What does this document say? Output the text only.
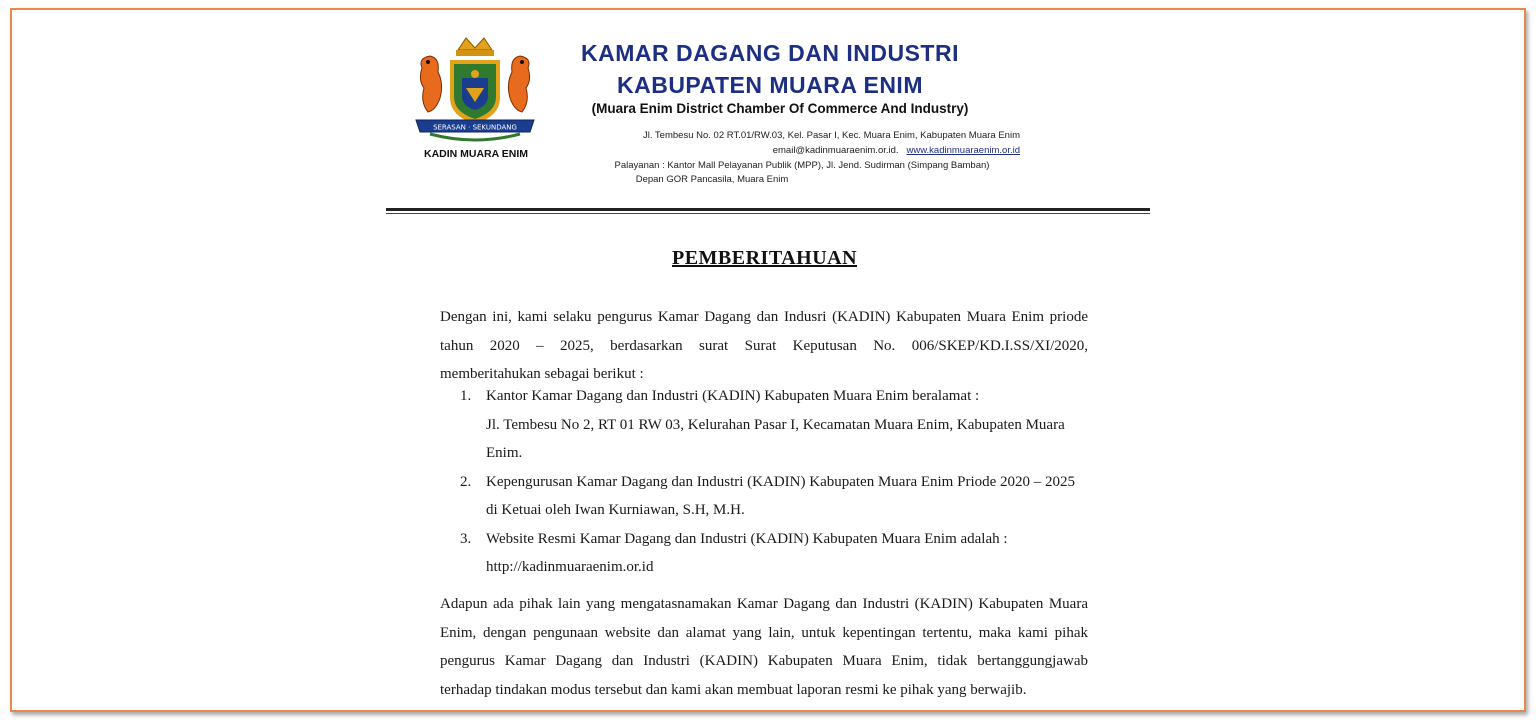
SERASAN · SEKUNDANG
KADIN MUARA ENIM
KAMAR DAGANG DAN INDUSTRI
KABUPATEN MUARA ENIM
(Muara Enim District Chamber Of Commerce And Industry)
Jl. Tembesu No. 02 RT.01/RW.03, Kel. Pasar I, Kec. Muara Enim, Kabupaten Muara Enim
email@kadinmuaraenim.or.id. www.kadinmuaraenim.or.id
Palayanan : Kantor Mall Pelayanan Publik (MPP), Jl. Jend. Sudirman (Simpang Bamban)
Depan GOR Pancasila, Muara Enim
PEMBERITAHUAN
Dengan ini, kami selaku pengurus Kamar Dagang dan Indusri (KADIN) Kabupaten Muara Enim priode
tahun 2020 – 2025, berdasarkan surat Surat Keputusan No. 006/SKEP/KD.I.SS/XI/2020,
memberitahukan sebagai berikut :
1. Kantor Kamar Dagang dan Industri (KADIN) Kabupaten Muara Enim beralamat :
Jl. Tembesu No 2, RT 01 RW 03, Kelurahan Pasar I, Kecamatan Muara Enim, Kabupaten Muara
Enim.
2. Kepengurusan Kamar Dagang dan Industri (KADIN) Kabupaten Muara Enim Priode 2020 – 2025
di Ketuai oleh Iwan Kurniawan, S.H, M.H.
3. Website Resmi Kamar Dagang dan Industri (KADIN) Kabupaten Muara Enim adalah :
http://kadinmuaraenim.or.id
Adapun ada pihak lain yang mengatasnamakan Kamar Dagang dan Industri (KADIN) Kabupaten Muara
Enim, dengan pengunaan website dan alamat yang lain, untuk kepentingan tertentu, maka kami pihak
pengurus Kamar Dagang dan Industri (KADIN) Kabupaten Muara Enim, tidak bertanggungjawab
terhadap tindakan modus tersebut dan kami akan membuat laporan resmi ke pihak yang berwajib.
